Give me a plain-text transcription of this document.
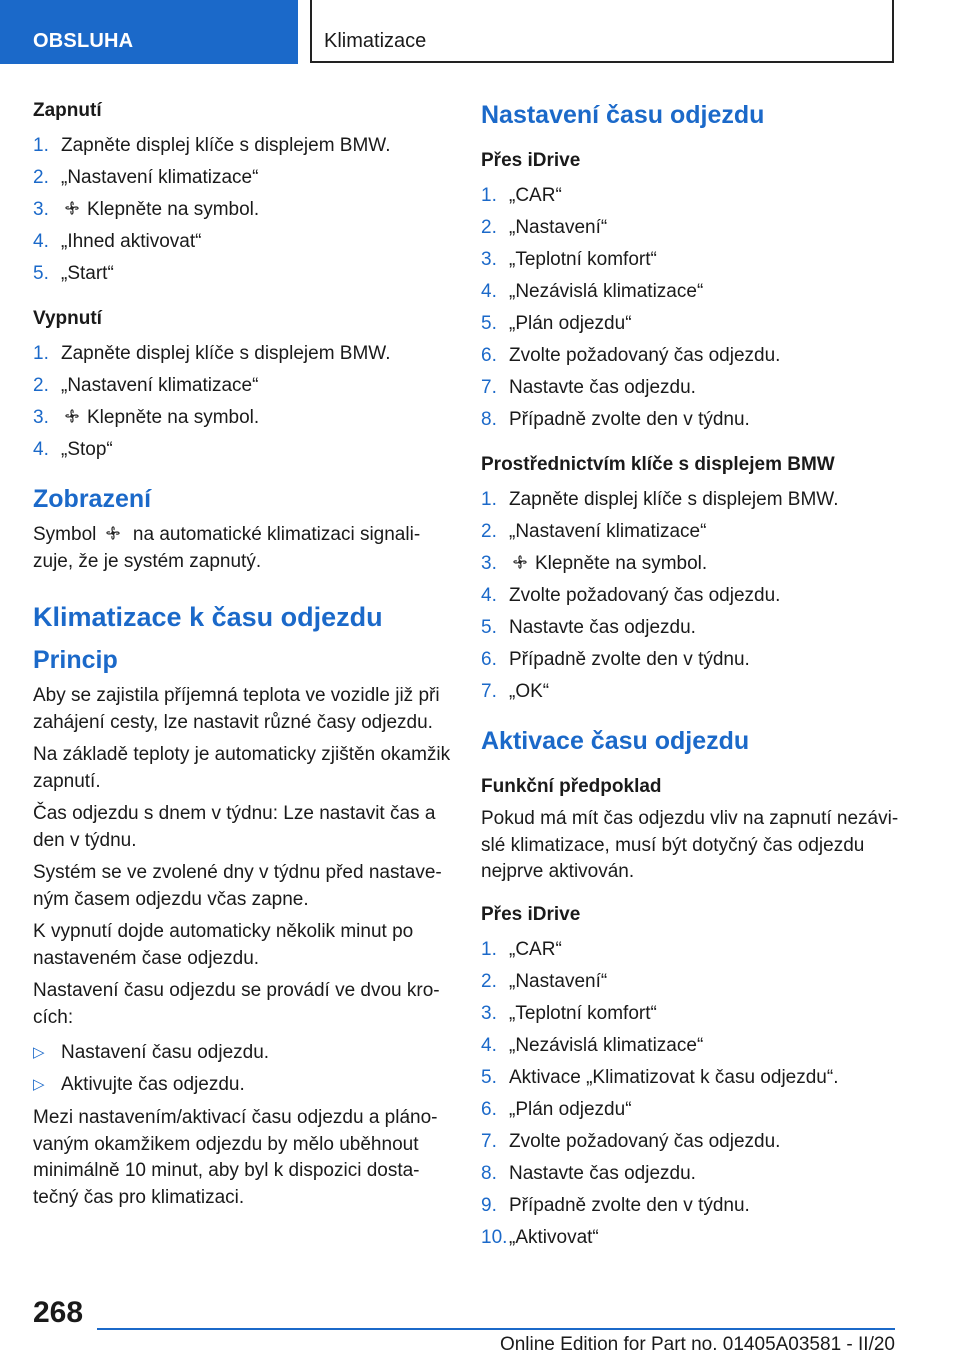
OBSLUHA	Klimatizace
Zapnutí
1. Zapněte displej klíče s displejem BMW.
2. „Nastavení klimatizace“
3. Klepněte na symbol.
4. „Ihned aktivovat“
5. „Start“
Vypnutí
1. Zapněte displej klíče s displejem BMW.
2. „Nastavení klimatizace“
3. Klepněte na symbol.
4. „Stop“
Zobrazení

Symbol na automatické klimatizaci signali-zuje, že je systém zapnutý.

Klimatizace k času odjezdu
Princip

Aby se zajistila příjemná teplota ve vozidle již při zahájení cesty, lze nastavit různé časy odjezdu.

Na základě teploty je automaticky zjištěn okamžik zapnutí.

Čas odjezdu s dnem v týdnu: Lze nastavit čas a den v týdnu.

Systém se ve zvolené dny v týdnu před nastave-ným časem odjezdu včas zapne.

K vypnutí dojde automaticky několik minut po nastaveném čase odjezdu.

Nastavení času odjezdu se provádí ve dvou kro-cích:

▷ Nastavení času odjezdu.
▷ Aktivujte čas odjezdu.

Mezi nastavením/aktivací času odjezdu a pláno-vaným okamžikem odjezdu by mělo uběhnout minimálně 10 minut, aby byl k dispozici dosta-tečný čas pro klimatizaci.

Nastavení času odjezdu
Přes iDrive
1. „CAR“
2. „Nastavení“
3. „Teplotní komfort“
4. „Nezávislá klimatizace“
5. „Plán odjezdu“
6. Zvolte požadovaný čas odjezdu.
7. Nastavte čas odjezdu.
8. Případně zvolte den v týdnu.
Prostřednictvím klíče s displejem BMW
1. Zapněte displej klíče s displejem BMW.
2. „Nastavení klimatizace“
3. Klepněte na symbol.
4. Zvolte požadovaný čas odjezdu.
5. Nastavte čas odjezdu.
6. Případně zvolte den v týdnu.
7. „OK“
Aktivace času odjezdu
Funkční předpoklad

Pokud má mít čas odjezdu vliv na zapnutí nezávi-slé klimatizace, musí být dotyčný čas odjezdu nejprve aktivován.

Přes iDrive
1. „CAR“
2. „Nastavení“
3. „Teplotní komfort“
4. „Nezávislá klimatizace“
5. Aktivace „Klimatizovat k času odjezdu“.
6. „Plán odjezdu“
7. Zvolte požadovaný čas odjezdu.
8. Nastavte čas odjezdu.
9. Případně zvolte den v týdnu.
10. „Aktivovat“
268
Online Edition for Part no. 01405A03581 - II/20
